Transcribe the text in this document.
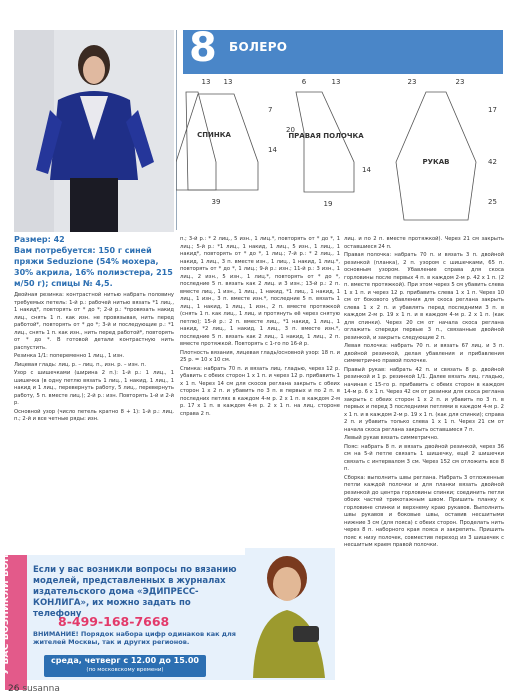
8 БОЛЕРО
СПИНКА
13 13
7
14
39
ПРАВАЯ ПОЛОЧКА
6	13
20
14
19
РУКАВ
23	23
17
42
25
Размер: 42
Вам потребуется: 150 г синей пряжи Seduzione (54% мохера, 30% акрила, 16% полиэстера, 215 м/50 г); спицы № 4,5.

Двойная резинка: контрастной нитью набрать половину требуемых петель: 1-й р.: рабочей нитью вязать *1 лиц., 1 накид*, повторять от * до *; 2-й р.: *провязать накид лиц., снять 1 п. как изн. не провязывая, нить перед работой*, повторять от * до *; 3-й и последующие р.: *1 лиц., снять 1 п. как изн., нить перед работой*, повторять от * до *. В готовой детали контрастную нить распустить.

Резинка 1/1: попеременно 1 лиц., 1 изн.

Лицевая гладь: лиц. р. – лиц. п., изн. р. – изн. п.

Узор с шишечками (ширина 2 п.): 1-й р.: 1 лиц., 1 шишечка (в одну петлю вязать 1 лиц., 1 накид, 1 лиц., 1 накид и 1 лиц., перевернуть работу, 5 лиц., перевернуть работу, 5 п. вместе лиц.); 2-й р.: изн. Повторять 1-й и 2-й р.

Основной узор (число петель кратно 8 + 1): 1-й р.: лиц. п.; 2-й и все четные ряды: изн.

п.; 3-й р.: * 2 лиц., 5 изн., 1 лиц.*, повторять от * до *, 1 лиц.; 5-й р.: *1 лиц., 1 накид, 1 лиц., 5 изн., 1 лиц., 1 накид*, повторять от * до *, 1 лиц.; 7-й р.: * 2 лиц., 1 накид, 1 лиц., 3 п. вместе изн., 1 лиц., 1 накид, 1 лиц.*, повторять от * до *, 1 лиц.; 9-й р.: изн.; 11-й р.: 3 изн., 1 лиц., 2 изн., 5 изн., 1 лиц.*, повторять от * до *, последние 5 п. вязать как 2 лиц. и 3 изн.; 13-й р.: 2 п. вместе лиц., 1 изн., 1 лиц., 1 накид, *1 лиц., 1 накид, 1 лиц., 1 изн., 3 п. вместе изн.*, последние 5 п. вязать 1 лиц., 1 накид, 1 лиц., 1 изн., 2 п. вместе протяжкой (снять 1 п. как лиц., 1 лиц. и протянуть её через снятую петлю); 15-й р.: 2 п. вместе лиц., *1 накид, 1 лиц., 1 накид, *2 лиц., 1 накид, 1 лиц., 3 п. вместе изн.*, последние 5 п. вязать как 2 лиц., 1 накид, 1 лиц., 2 п. вместе протяжкой. Повторять с 1-го по 16-й р.

Плотность вязания, лицевая гладь/основной узор: 18 п. и 25 р. = 10 х 10 см.

Спинка: набрать 70 п. и вязать лиц. гладью, через 12 р. убавить с обеих сторон 1 х 1 п. и через 12 р. прибавить 1 х 1 п. Через 14 см для скосов реглана закрыть с обеих сторон 1 х 2 п. и убавить по 3 п. в первых и по 2 п. в последних петлях в каждом 4-м р. 2 х 1 п. в каждом 2-м р. 17 х 1 п. в каждом 4-м р. 2 х 1 п. на лиц. стороне справа 2 п.

лиц. и по 2 п. вместе протяжкой). Через 21 см закрыть оставшиеся 24 п.

Правая полочка: набрать 70 п. и вязать 3 п. двойной резинкой (планка), 2 п. узором с шишечками, 65 п. основным узором. Убавление справа для скоса горловины после первых 4 п. в каждом 2-м р. 42 х 1 п. (2 п. вместе протяжкой). При этом через 5 см убавить слева 1 х 1 п. и через 12 р. прибавить слева 1 х 1 п. Через 10 см от бокового убавления для скоса реглана закрыть слева 1 х 2 п. и убавлять перед последними 3 п. в каждом 2-м р. 19 х 1 п. и в каждом 4-м р. 2 х 1 п. (как для спинки). Через 20 см от начала скоса реглана оглажить спереди первые 3 п., связанные двойной резинкой, и закрыть следующие 2 п.

Левая полочка: набрать 70 п. и вязать 67 лиц. и 3 п. двойной резинкой, делая убавления и прибавления симметрично правой полочке.

Правый рукав: набрать 42 п. и связать 8 р. двойной резинкой и 1 р. резинкой 1/1. Далее вязать лиц. гладью, начиная с 15-го р. прибавить с обеих сторон в каждом 14-м р. 6 х 1 п. Через 42 см от резинки для скоса реглана закрыть с обеих сторон 1 х 2 п. и убавить по 3 п. в первых и перед 3 последними петлями в каждом 4-м р. 2 х 1 п. и в каждом 2-м р. 19 х 1 п. (как для спинки); справа 2 п. и убавить только слева 1 х 1 п. Через 21 см от начала скоса реглана закрыть оставшиеся 7 п.

Левый рукав вязать симметрично.

Пояс: набрать 8 п. и вязать двойной резинкой, через 36 см на 5-й петле связать 1 шишечку, ещё 2 шишечки связать с интервалом 3 см. Через 152 см отложить все 8 п.

Сборка: выполнить швы реглана. Набрать 3 отложенные петли каждой полочки и для планки вязать двойной резинкой до центра горловины спинки; соединить петли обоих частей трикотажным швом. Пришить планку к горловине спинки и верхнему краю рукавов. Выполнить швы рукавов и боковые швы, оставив несшитыми нижние 3 см (для пояса) с обеих сторон. Проделать нить через 8 п. наборного края пояса и закрепить. Пришить пояс к низу полочек, совместив переход из 3 шишечек с несшитым краем правой полочки.

У ВАС ВОЗНИКЛИ ВОПРОСЫ?	Если у вас возникли вопросы по вязанию моделей, представленных в журналах издательского дома «ЭДИПРЕСС-КОНЛИГА», их можно задать по телефону
8-499-168-7668
ВНИМАНИЕ! Порядок набора цифр одинаков как для жителей Москвы, так и других регионов.
среда, четверг с 12.00 до 15.00
(по московскому времени)
26 susanna
